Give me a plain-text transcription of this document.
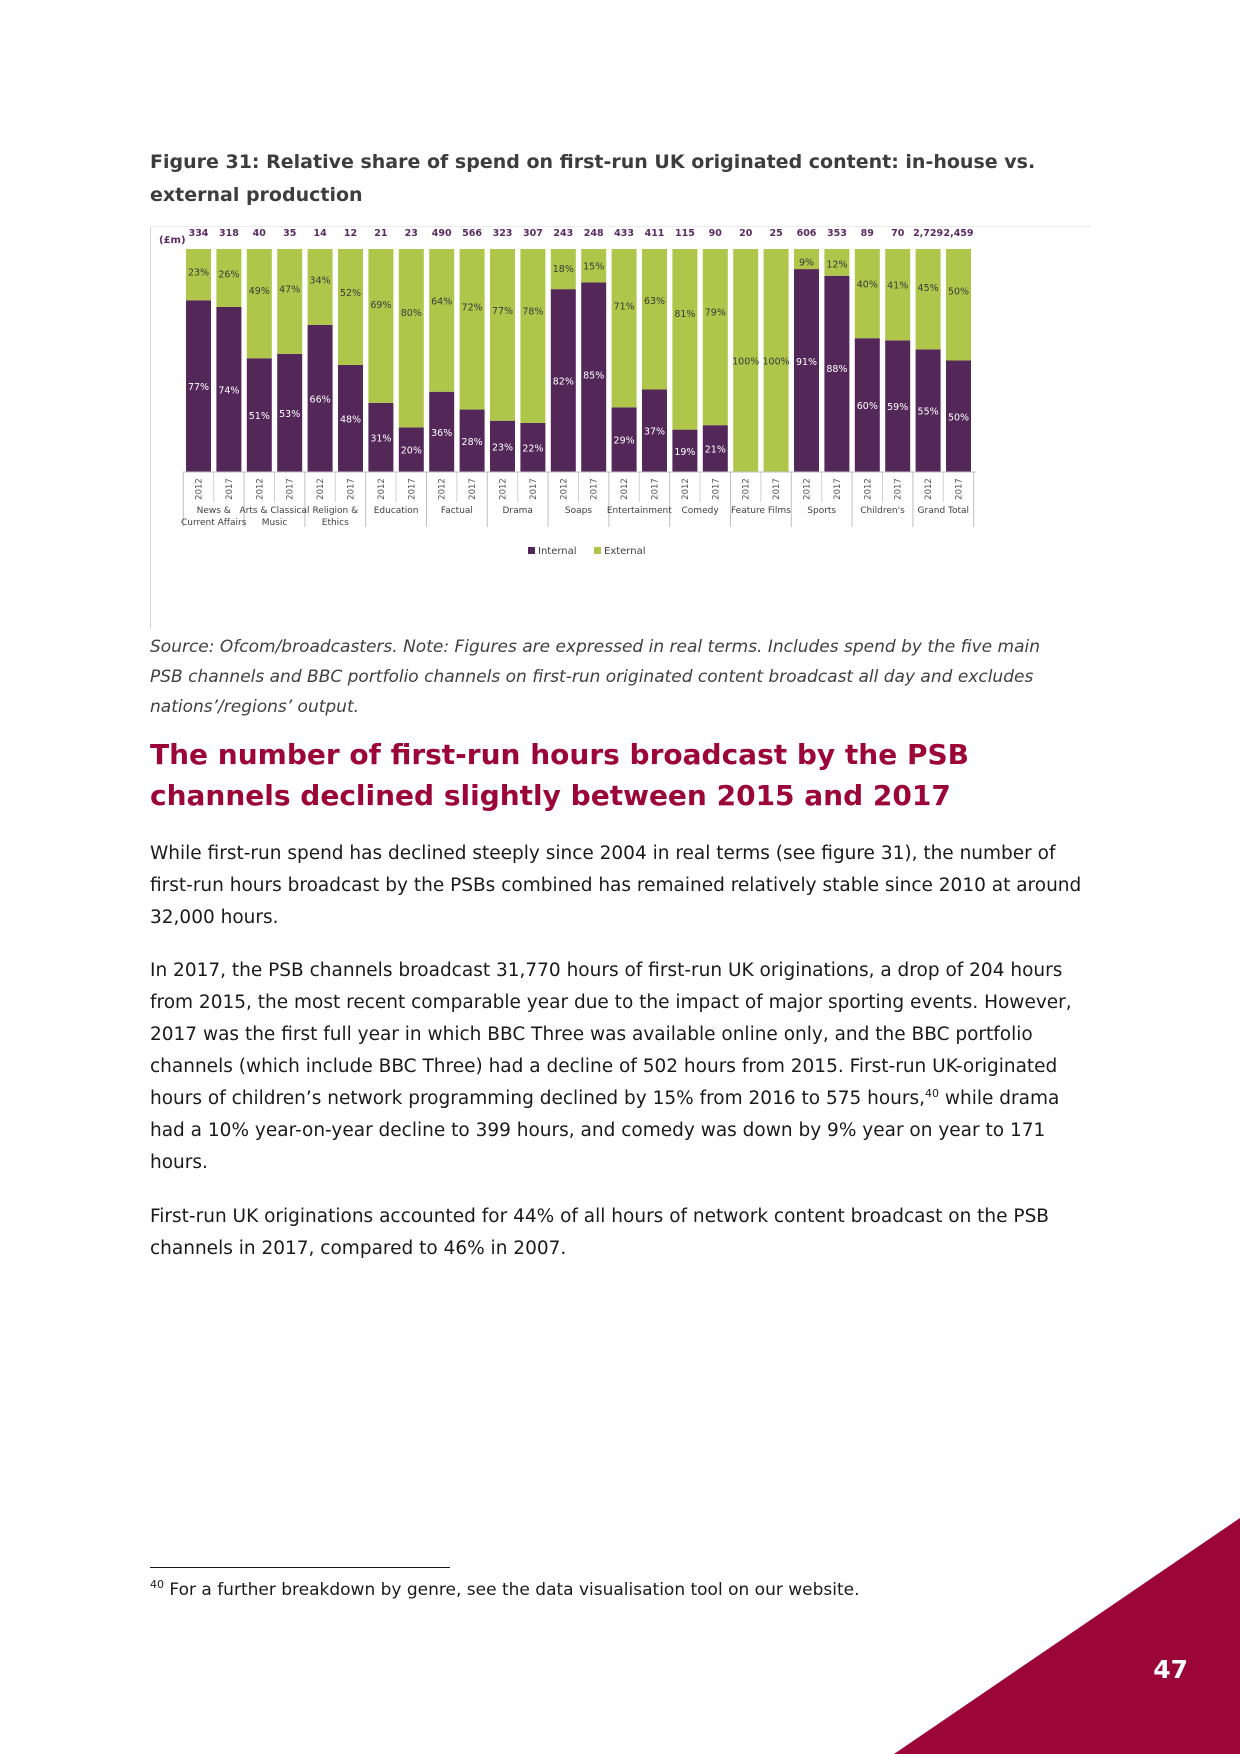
Figure 31: Relative share of spend on first-run UK originated content: in-house vs. external production
(£m)
334
23%
77%
2012
318
26%
74%
2017
40
49%
51%
2012
35
47%
53%
2017
14
34%
66%
2012
12
52%
48%
2017
21
69%
31%
2012
23
80%
20%
2017
490
64%
36%
2012
566
72%
28%
2017
323
77%
23%
2012
307
78%
22%
2017
243
18%
82%
2012
248
15%
85%
2017
433
71%
29%
2012
411
63%
37%
2017
115
81%
19%
2012
90
79%
21%
2017
20
100%
2012
25
100%
2017
606
9%
91%
2012
353
12%
88%
2017
89
40%
60%
2012
70
41%
59%
2017
2,729
45%
55%
2012
2,459
50%
50%
2017
News &
Current Affairs
Arts & Classical
Music
Religion &
Ethics
Education Factual	Drama	Soaps Entertainment Comedy Feature Films Sports	Children's Grand Total
Internal	External

Source: Ofcom/broadcasters. Note: Figures are expressed in real terms. Includes spend by the five main PSB channels and BBC portfolio channels on first-run originated content broadcast all day and excludes nations’/regions’ output.

The number of first-run hours broadcast by the PSB channels declined slightly between 2015 and 2017

While first-run spend has declined steeply since 2004 in real terms (see figure 31), the number of first-run hours broadcast by the PSBs combined has remained relatively stable since 2010 at around 32,000 hours.

In 2017, the PSB channels broadcast 31,770 hours of first-run UK originations, a drop of 204 hours from 2015, the most recent comparable year due to the impact of major sporting events. However, 2017 was the first full year in which BBC Three was available online only, and the BBC portfolio channels (which include BBC Three) had a decline of 502 hours from 2015. First-run UK-originated hours of children’s network programming declined by 15% from 2016 to 575 hours,$^{40}$ while drama had a 10% year-on-year decline to 399 hours, and comedy was down by 9% year on year to 171 hours.

First-run UK originations accounted for 44% of all hours of network content broadcast on the PSB channels in 2017, compared to 46% in 2007.

$^{40}$ For a further breakdown by genre, see the data visualisation tool on our website.

47
